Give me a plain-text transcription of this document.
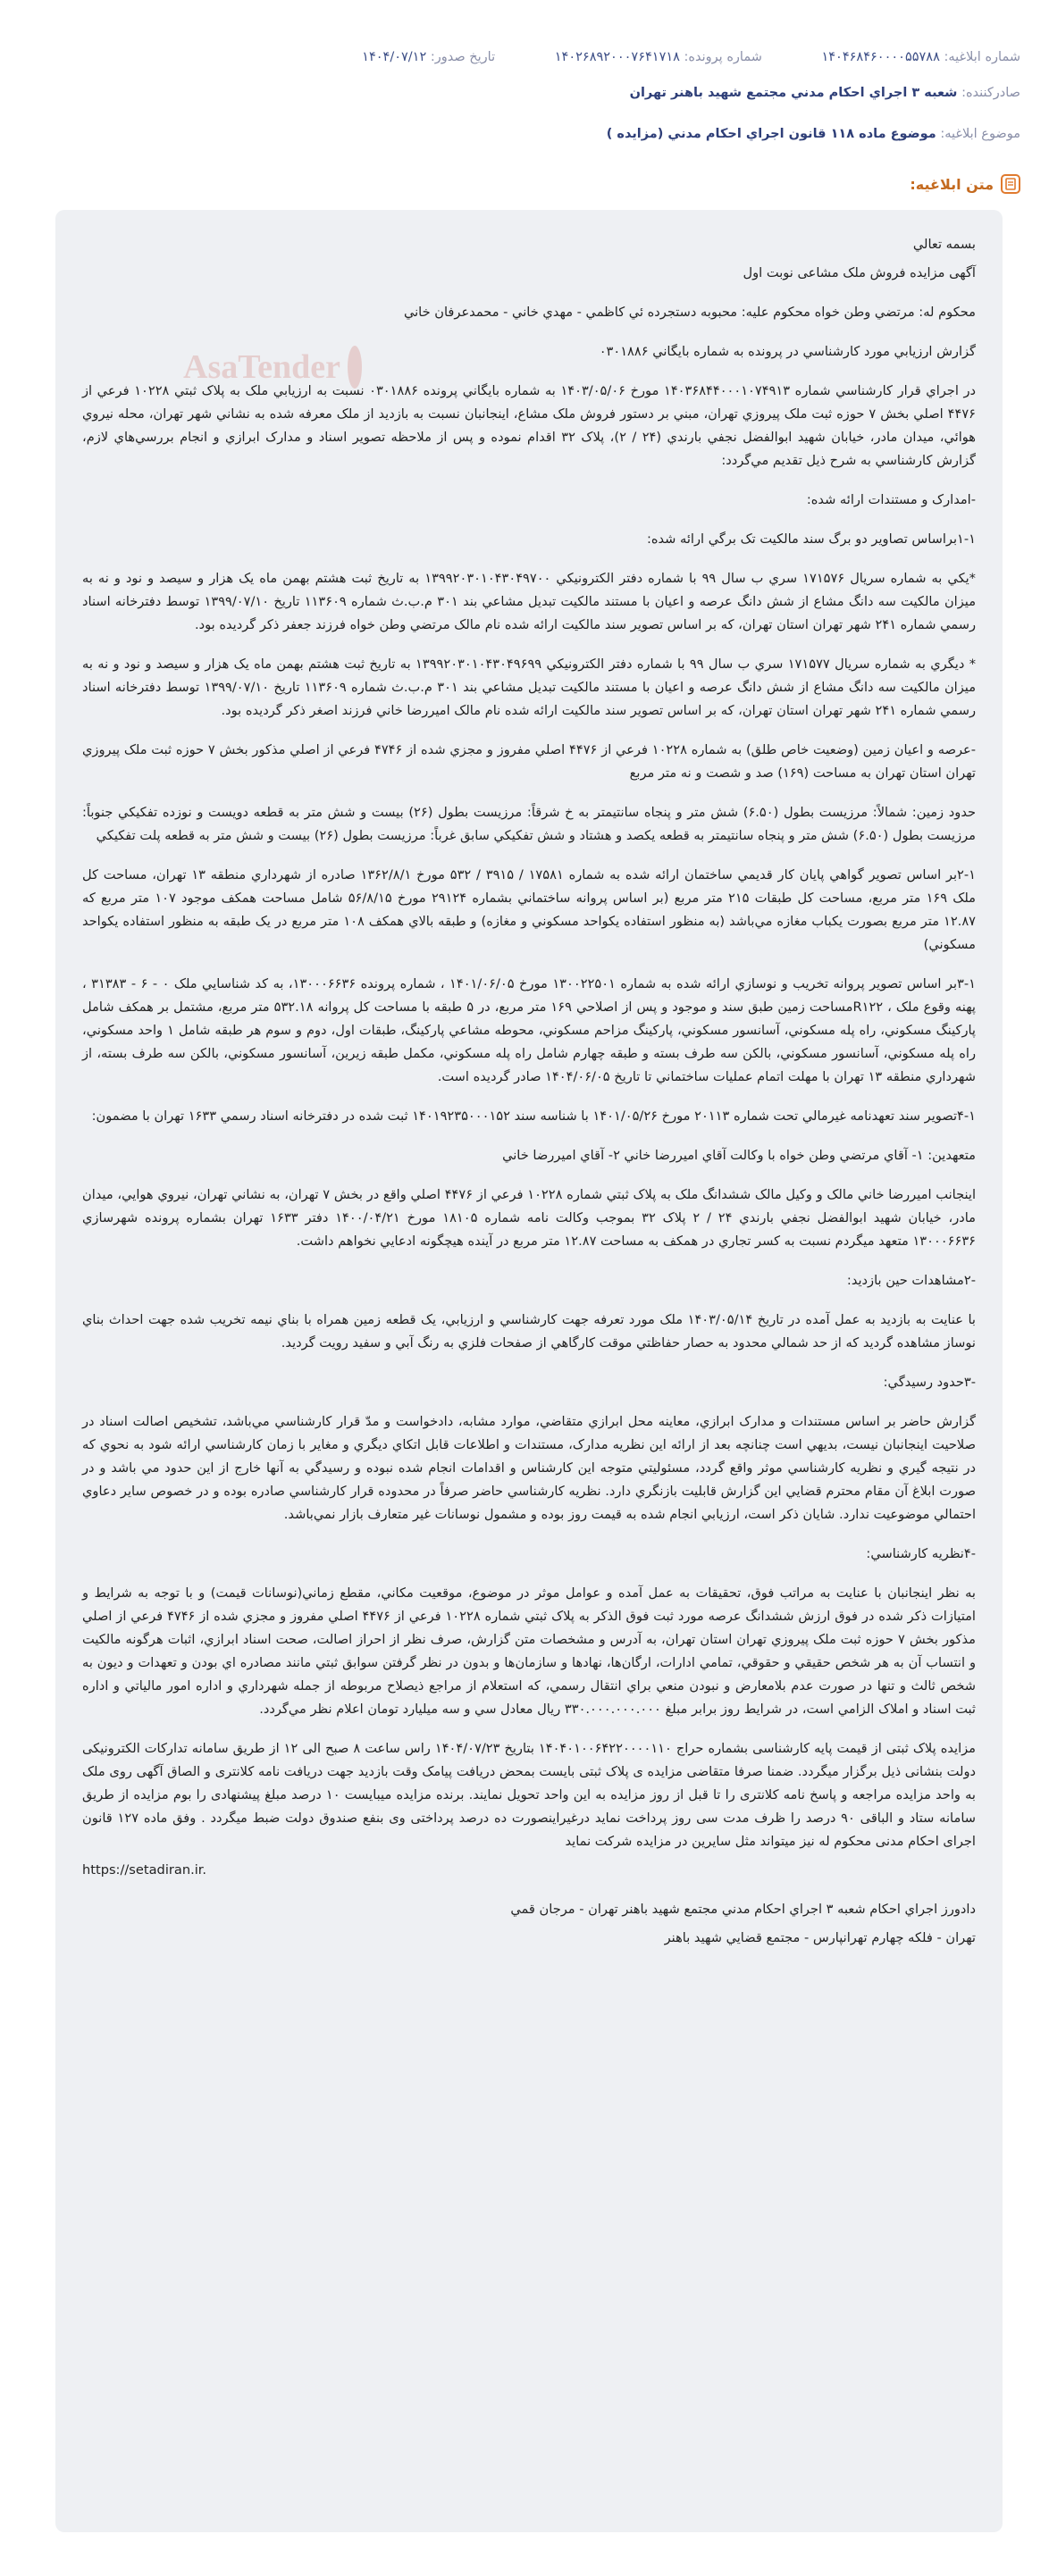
شماره ابلاغیه: ۱۴۰۴۶۸۴۶۰۰۰۰۵۵۷۸۸ شماره پرونده: ۱۴۰۲۶۸۹۲۰۰۰۷۶۴۱۷۱۸ تاریخ صدور: ۱۴۰۴/۰۷/۱۲
صادرکننده: شعبه ۳ اجراي احكام مدني مجتمع شهيد باهنر تهران
موضوع ابلاغیه: موضوع ماده ۱۱۸ قانون اجراي احكام مدني (مزايده )
متن ابلاغیه:

بسمه تعالي

آگهی مزايده فروش ملک مشاعی نوبت اول

محکوم له: مرتضي وطن خواه محکوم عليه: محبوبه دستجرده ئي کاظمي - مهدي خاني - محمدعرفان خاني

گزارش ارزيابي مورد کارشناسي در پرونده به شماره بايگاني ۰۳۰۱۸۸۶

در اجراي قرار کارشناسي شماره ۱۴۰۳۶۸۴۴۰۰۰۱۰۷۴۹۱۳ مورخ ۱۴۰۳/۰۵/۰۶ به شماره بايگاني پرونده ۰۳۰۱۸۸۶ نسبت به ارزيابي ملک به پلاک ثبتي ۱۰۲۲۸ فرعي از ۴۴۷۶ اصلي بخش ۷ حوزه ثبت ملک پيروزي تهران، مبني بر دستور فروش ملک مشاع، اينجانبان نسبت به بازديد از ملک معرفه شده به نشاني شهر تهران، محله نيروي هوائي، ميدان مادر، خيابان شهيد ابوالفضل نجفي بارندي (۲۴ / ۲)، پلاک ۳۲ اقدام نموده و پس از ملاحظه تصوير اسناد و مدارک ابرازي و انجام بررسي‌هاي لازم، گزارش کارشناسي به شرح ذيل تقديم مي‌گردد:

-امدارک و مستندات ارائه شده:

۱-۱براساس تصاوير دو برگ سند مالکيت تک برگي ارائه شده:

*يکي به شماره سريال ۱۷۱۵۷۶ سري ب سال ۹۹ با شماره دفتر الکترونيکي ۱۳۹۹۲۰۳۰۱۰۴۳۰۴۹۷۰۰ به تاريخ ثبت هشتم بهمن ماه يک هزار و سيصد و نود و نه به ميزان مالکيت سه دانگ مشاع از شش دانگ عرصه و اعيان با مستند مالکيت تبديل مشاعي بند ۳۰۱ م.ب.ث شماره ۱۱۳۶۰۹ تاريخ ۱۳۹۹/۰۷/۱۰ توسط دفترخانه اسناد رسمي شماره ۲۴۱ شهر تهران استان تهران، که بر اساس تصوير سند مالکيت ارائه شده نام مالک مرتضي وطن خواه فرزند جعفر ذکر گرديده بود.

* ديگري به شماره سريال ۱۷۱۵۷۷ سري ب سال ۹۹ با شماره دفتر الکترونيکي ۱۳۹۹۲۰۳۰۱۰۴۳۰۴۹۶۹۹ به تاريخ ثبت هشتم بهمن ماه يک هزار و سيصد و نود و نه به ميزان مالکيت سه دانگ مشاع از شش دانگ عرصه و اعيان با مستند مالکيت تبديل مشاعي بند ۳۰۱ م.ب.ث شماره ۱۱۳۶۰۹ تاريخ ۱۳۹۹/۰۷/۱۰ توسط دفترخانه اسناد رسمي شماره ۲۴۱ شهر تهران استان تهران، که بر اساس تصوير سند مالکيت ارائه شده نام مالک اميررضا خاني فرزند اصغر ذکر گرديده بود.

-عرصه و اعيان زمين (وضعيت خاص طلق) به شماره ۱۰۲۲۸ فرعي از ۴۴۷۶ اصلي مفروز و مجزي شده از ۴۷۴۶ فرعي از اصلي مذکور بخش ۷ حوزه ثبت ملک پيروزي تهران استان تهران به مساحت (۱۶۹) صد و شصت و نه متر مربع

حدود زمين: شمالاً: مرزيست بطول (۶.۵۰) شش متر و پنجاه سانتيمتر به خ شرقاً: مرزيست بطول (۲۶) بيست و شش متر به قطعه دويست و نوزده تفکيکي جنوباً: مرزيست بطول (۶.۵۰) شش متر و پنجاه سانتيمتر به قطعه يکصد و هشتاد و شش تفکيکي سابق غرباً: مرزيست بطول (۲۶) بيست و شش متر به قطعه پلت تفکيکي

۲-۱بر اساس تصوير گواهي پايان کار قديمي ساختمان ارائه شده به شماره ۱۷۵۸۱ / ۳۹۱۵ / ۵۳۲ مورخ ۱۳۶۲/۸/۱ صادره از شهرداري منطقه ۱۳ تهران، مساحت کل ملک ۱۶۹ متر مربع، مساحت کل طبقات ۲۱۵ متر مربع (بر اساس پروانه ساختماني بشماره ۲۹۱۲۴ مورخ ۵۶/۸/۱۵ شامل مساحت همکف موجود ۱۰۷ متر مربع که ۱۲.۸۷ متر مربع بصورت يکباب مغازه مي‌باشد (به منظور استفاده يکواحد مسکوني و مغازه) و طبقه بالاي همکف ۱۰۸ متر مربع در يک طبقه به منظور استفاده يکواحد مسکوني)

۳-۱بر اساس تصوير پروانه تخريب و نوسازي ارائه شده به شماره ۱۳۰۰۲۲۵۰۱ مورخ ۱۴۰۱/۰۶/۰۵ ، شماره پرونده ۱۳۰۰۰۶۶۳۶، به کد شناسايي ملک ۰ - ۶ - ۳۱۳۸۳ ، پهنه وقوع ملک ، R۱۲۲مساحت زمين طبق سند و موجود و پس از اصلاحي ۱۶۹ متر مربع، در ۵ طبقه با مساحت کل پروانه ۵۳۲.۱۸ متر مربع، مشتمل بر همکف شامل پارکينگ مسکوني، راه پله مسکوني، آسانسور مسکوني، پارکينگ مزاحم مسکوني، محوطه مشاعي پارکينگ، طبقات اول، دوم و سوم هر طبقه شامل ۱ واحد مسکوني، راه پله مسکوني، آسانسور مسکوني، بالکن سه طرف بسته و طبقه چهارم شامل راه پله مسکوني، مکمل طبقه زيرين، آسانسور مسکوني، بالکن سه طرف بسته، از شهرداري منطقه ۱۳ تهران با مهلت اتمام عمليات ساختماني تا تاريخ ۱۴۰۴/۰۶/۰۵ صادر گرديده است.

۴-۱تصوير سند تعهدنامه غيرمالي تحت شماره ۲۰۱۱۳ مورخ ۱۴۰۱/۰۵/۲۶ با شناسه سند ۱۴۰۱۹۲۳۵۰۰۰۱۵۲ ثبت شده در دفترخانه اسناد رسمي ۱۶۳۳ تهران با مضمون:

متعهدين: ۱- آقاي مرتضي وطن خواه با وکالت آقاي اميررضا خاني ۲- آقاي اميررضا خاني

اينجانب اميررضا خاني مالک و وکيل مالک ششدانگ ملک به پلاک ثبتي شماره ۱۰۲۲۸ فرعي از ۴۴۷۶ اصلي واقع در بخش ۷ تهران، به نشاني تهران، نيروي هوايي، ميدان مادر، خيابان شهيد ابوالفضل نجفي بارندي ۲۴ / ۲ پلاک ۳۲ بموجب وکالت نامه شماره ۱۸۱۰۵ مورخ ۱۴۰۰/۰۴/۲۱ دفتر ۱۶۳۳ تهران بشماره پرونده شهرسازي ۱۳۰۰۰۶۶۳۶ متعهد ميگردم نسبت به کسر تجاري در همکف به مساحت ۱۲.۸۷ متر مربع در آينده هيچگونه ادعايي نخواهم داشت.

-۲مشاهدات حين بازديد:

با عنايت به بازديد به عمل آمده در تاريخ ۱۴۰۳/۰۵/۱۴ ملک مورد تعرفه جهت کارشناسي و ارزيابي، يک قطعه زمين همراه با بناي نيمه تخريب شده جهت احداث بناي نوساز مشاهده گرديد که از حد شمالي محدود به حصار حفاظتي موقت کارگاهي از صفحات فلزي به رنگ آبي و سفيد رويت گرديد.

-۳حدود رسيدگي:

گزارش حاضر بر اساس مستندات و مدارک ابرازي، معاينه محل ابرازي متقاضي، موارد مشابه، دادخواست و مدّ قرار کارشناسي مي‌باشد، تشخيص اصالت اسناد در صلاحيت اينجانبان نيست، بديهي است چنانچه بعد از ارائه اين نظريه مدارک، مستندات و اطلاعات قابل اتکاي ديگري و مغاير با زمان کارشناسي ارائه شود به نحوي که در نتيجه گيري و نظريه کارشناسي موثر واقع گردد، مسئوليتي متوجه اين کارشناس و اقدامات انجام شده نبوده و رسيدگي به آنها خارج از اين حدود مي باشد و در صورت ابلاغ آن مقام محترم قضايي اين گزارش قابليت بازنگري دارد. نظريه کارشناسي حاضر صرفاً در محدوده قرار کارشناسي صادره بوده و در خصوص ساير دعاوي احتمالي موضوعيت ندارد. شايان ذکر است، ارزيابي انجام شده به قيمت روز بوده و مشمول نوسانات غير متعارف بازار نمي‌باشد.

-۴نظريه کارشناسي:

به نظر اينجانبان با عنايت به مراتب فوق، تحقيقات به عمل آمده و عوامل موثر در موضوع، موقعيت مکاني، مقطع زماني(نوسانات قيمت) و با توجه به شرايط و امتيازات ذکر شده در فوق ارزش ششدانگ عرصه مورد ثبت فوق الذکر به پلاک ثبتي شماره ۱۰۲۲۸ فرعي از ۴۴۷۶ اصلي مفروز و مجزي شده از ۴۷۴۶ فرعي از اصلي مذکور بخش ۷ حوزه ثبت ملک پيروزي تهران استان تهران، به آدرس و مشخصات متن گزارش، صرف نظر از احراز اصالت، صحت اسناد ابرازي، اثبات هرگونه مالکيت و انتساب آن به هر شخص حقيقي و حقوقي، تمامي ادارات، ارگان‌ها، نهادها و سازمان‌ها و بدون در نظر گرفتن سوابق ثبتي مانند مصادره اي بودن و تعهدات و ديون به شخص ثالث و تنها در صورت عدم بلامعارض و نبودن منعي براي انتقال رسمي، که استعلام از مراجع ذيصلاح مربوطه از جمله شهرداري و اداره امور مالياتي و اداره ثبت اسناد و املاک الزامي است، در شرايط روز برابر مبلغ ۳۳۰.۰۰۰.۰۰۰.۰۰۰ ريال معادل سي و سه ميليارد تومان اعلام نظر مي‌گردد.

مزايده پلاک ثبتی از قيمت پايه کارشناسی بشماره حراج ۱۴۰۴۰۱۰۰۶۴۲۲۰۰۰۰۱۱۰ بتاريخ ۱۴۰۴/۰۷/۲۳ راس ساعت ۸ صبح الی ۱۲ از طريق سامانه تدارکات الکترونيکی دولت بنشانی ذيل برگزار ميگردد. ضمنا صرفا متقاضی مزايده ی پلاک ثبتی بايست بمحض دريافت پيامک وقت بازديد جهت دريافت نامه کلانتری و الصاق آگهی روی ملک به واحد مزايده مراجعه و پاسخ نامه کلانتری را تا قبل از روز مزايده به اين واحد تحويل نمايند. برنده مزايده ميبايست ۱۰ درصد مبلغ پيشنهادی را بوم مزايده از طريق سامانه ستاد و الباقی ۹۰ درصد را ظرف مدت سی روز پرداخت نمايد درغيراينصورت ده درصد پرداختی وی بنفع صندوق دولت ضبط ميگردد . وفق ماده ۱۲۷ قانون اجرای احکام مدنی محکوم له نيز ميتواند مثل سايرين در مزايده شرکت نمايد

https://setadiran.ir.

دادورز اجراي احکام شعبه ۳ اجراي احکام مدني مجتمع شهيد باهنر تهران - مرجان قمي

تهران - فلکه چهارم تهرانپارس - مجتمع قضايي شهيد باهنر
